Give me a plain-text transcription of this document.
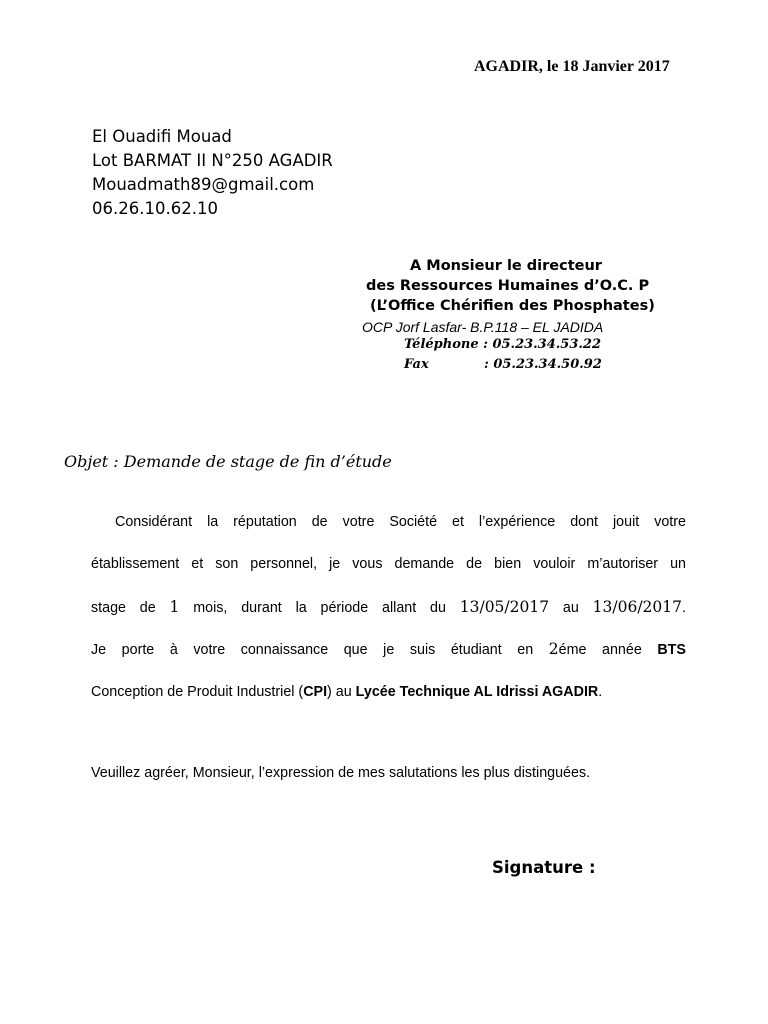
AGADIR, le 18 Janvier 2017
El Ouadifi Mouad
Lot BARMAT II N°250 AGADIR
Mouadmath89@gmail.com
06.26.10.62.10
A Monsieur le directeur
des Ressources Humaines d’O.C. P
(L’Office Chérifien des Phosphates)
OCP Jorf Lasfar- B.P.118 – EL JADIDA
Téléphone : 05.23.34.53.22
Fax	: 05.23.34.50.92
Objet : Demande de stage de fin d’étude
Considérant la réputation de votre Société et l’expérience dont jouit votre
établissement et son personnel, je vous demande de bien vouloir m’autoriser un
stage de 1 mois, durant la période allant du 13/05/2017 au 13/06/2017.
Je porte à votre connaissance que je suis étudiant en 2éme année BTS
Conception de Produit Industriel (CPI) au Lycée Technique AL Idrissi AGADIR.
Veuillez agréer, Monsieur, l’expression de mes salutations les plus distinguées.
Signature :
